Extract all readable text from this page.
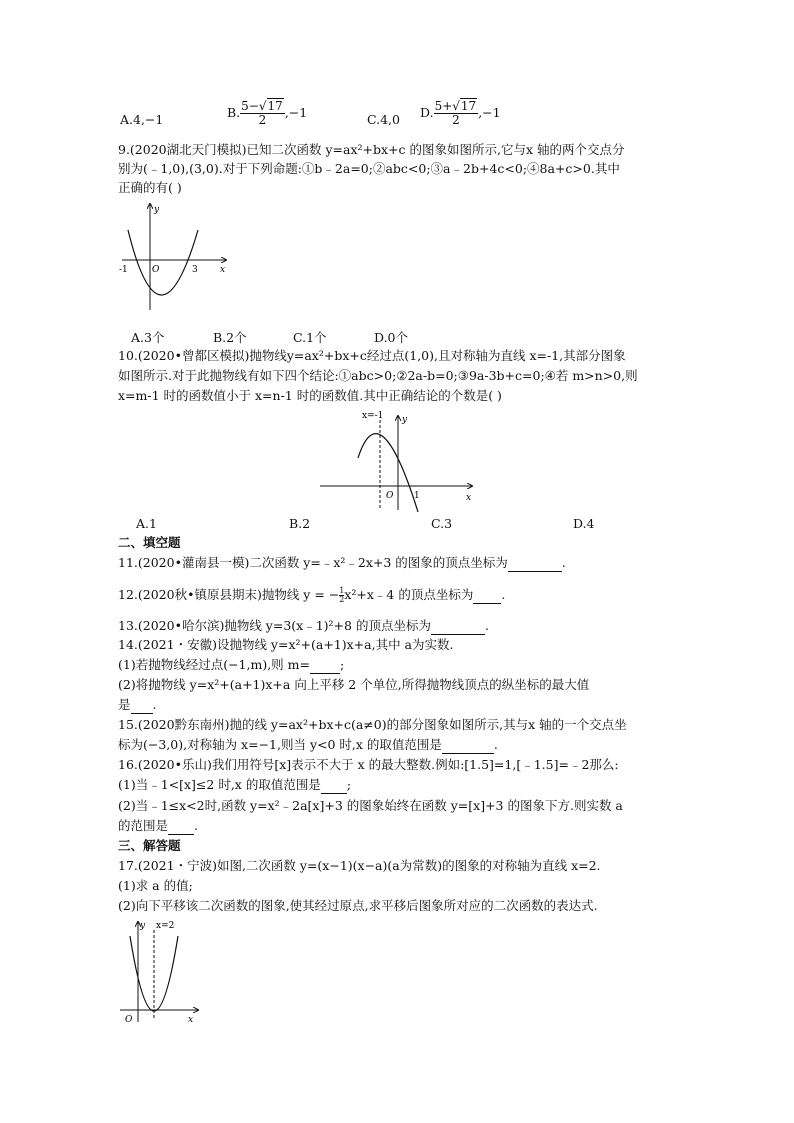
A.4,−1	B. $\frac{5-√17}{2} ,-1$	C.4,0 D. $\frac{5+√17}{2} ,-1$
9.(2020湖北天门模拟)已知二次函数 y=ax²+bx+c 的图象如图所示,它与x 轴的两个交点分
别为(﹣1,0),(3,0).对于下列命题:①b﹣2a=0;②abc<0;③a﹣2b+4c<0;④8a+c>0.其中
正确的有( )
y
x
O
-1	3
A.3个	B.2个	C.1个	D.0个
10.(2020•曾都区模拟)抛物线y=ax²+bx+c经过点(1,0),且对称轴为直线 x=-1,其部分图象
如图所示.对于此抛物线有如下四个结论:①abc>0;②2a-b=0;③9a-3b+c=0;④若 m>n>0,则
x=m-1 时的函数值小于 x=n-1 时的函数值.其中正确结论的个数是( )
x=-1 y
x
O 1
A.1	B.2	C.3	D.4
二、填空题
11.(2020•灌南县一模)二次函数 y=﹣x²﹣2x+3 的图象的顶点坐标为	.
12.(2020秋•镇原县期末)抛物线 y = − $\frac{1}{2}$ x²+x﹣4 的顶点坐标为 .
13.(2020•哈尔滨)抛物线 y=3(x﹣1)²+8 的顶点坐标为	.
14.(2021・安徽)设抛物线 y=x²+(a+1)x+a,其中 a为实数.
(1)若抛物线经过点(−1,m),则 m= ;
(2)将抛物线 y=x²+(a+1)x+a 向上平移 2 个单位,所得抛物线顶点的纵坐标的最大值
是 .
15.(2020黔东南州)抛的线 y=ax²+bx+c(a≠0)的部分图象如图所示,其与x 轴的一个交点坐
标为(−3,0),对称轴为 x=−1,则当 y<0 时,x 的取值范围是	.
16.(2020•乐山)我们用符号[x]表示不大于 x 的最大整数.例如:[1.5]=1,[﹣1.5]=﹣2那么:
(1)当﹣1<[x]≤2 时,x 的取值范围是 ;
(2)当﹣1≤x<2时,函数 y=x²﹣2a[x]+3 的图象始终在函数 y=[x]+3 的图象下方.则实数 a
的范围是 .
三、解答题
17.(2021・宁波)如图,二次函数 y=(x−1)(x−a)(a为常数)的图象的对称轴为直线 x=2.
(1)求 a 的值;
(2)向下平移该二次函数的图象,使其经过原点,求平移后图象所对应的二次函数的表达式.
y x=2
O	x
